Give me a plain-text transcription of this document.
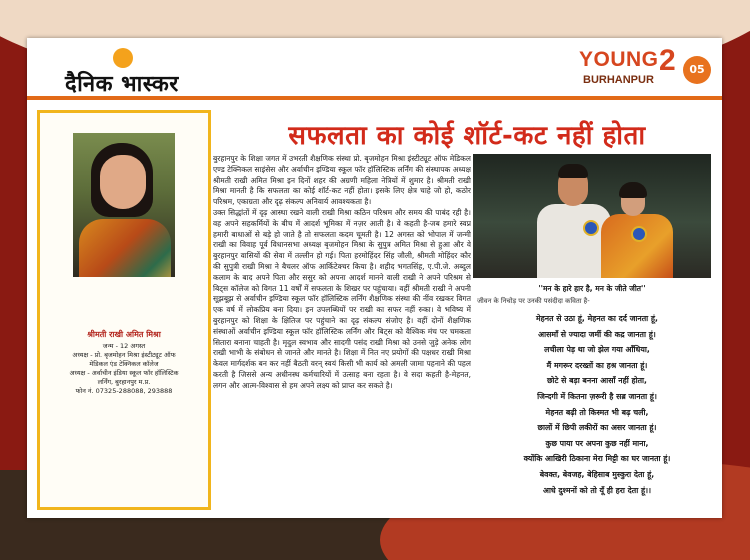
दैनिक भास्कर
YOUNG 2
BURHANPUR
05
सफलता का कोई शॉर्ट-कट नहीं होता
श्रीमती राखी अमित मिश्रा
जन्म - 12 अगस्त
अध्यक्ष - प्रो. बृजमोहन मिश्रा इंस्टीट्यूट ऑफ
मेडिकल एंड टेक्निकल कॉलेज
अध्यक्ष - अर्वाचीन इंडिया स्कूल फॉर हॉलिस्टिक
लर्निंग, बुरहानपुर म.प्र.
फोन नं. 07325-288088, 293888

बुरहानपुर के शिक्षा जगत में उभरती शैक्षणिक संस्था प्रो. बृजमोहन मिश्रा इंस्टीट्यूट ऑफ मेडिकल एण्ड टेक्निकल साइंसेस और अर्वाचीन इण्डिया स्कूल फॉर हॉलिस्टिक लर्निंग की संस्थापक अध्यक्ष श्रीमती राखी अमित मिश्रा इन दिनों शहर की अग्रणी महिला नेत्रियों में शुमार है। श्रीमती राखी मिश्रा मानती है कि सफलता का कोई शॉर्ट-कट नहीं होता। इसके लिए क्षेत्र चाहे जो हो, कठोर परिश्रम, एकाग्रता और दृढ़ संकल्प अनिवार्य आवश्यकता है।

उक्त सिद्धांतों में दृढ़ आस्था रखने वाली राखी मिश्रा कठिन परिश्रम और समय की पाबंद रही है। वह अपने सहकर्मियों के बीच में आदर्श भूमिका में नज़र आती है। वे कहती है-जब हमारे स्वप्न हमारी बाधाओं से बड़े हो जाते है तो सफलता कदम चूमती है। 12 अगस्त को भोपाल में जन्मी राखी का विवाह पूर्व विधानसभा अध्यक्ष बृजमोहन मिश्रा के सुपुत्र अमित मिश्रा से हुआ और वे बुरहानपुर वासियों की सेवा में तल्लीन हो गई। पिता हरमोहिंदर सिंह जौली, श्रीमती मोहिंदर कौर की सुपुत्री राखी मिश्रा ने बैचलर ऑफ आर्किटेक्चर किया है। शहीद भगतसिंह, ए.पी.जे. अब्दुल कलाम के बाद अपने पिता और ससुर को अपना आदर्श मानने वाली राखी ने अपने परिश्रम से बिट्स कॉलेज को विगत 11 वर्षों में सफलता के शिखर पर पहुंचाया। वहीं श्रीमती राखी ने अपनी सूझबूझ से अर्वाचीन इण्डिया स्कूल फॉर हॉलिस्टिक लर्निंग शैक्षणिक संस्था की नींव रखकर विगत एक वर्ष में लोकप्रिय बना दिया। इन उपलब्धियों पर राखी का सफर नहीं रुका। वे भविष्य में बुरहानपुर को शिक्षा के क्षितिज पर पहुंचाने का दृढ़ संकल्प संजोए है। वहीं दोनों शैक्षणिक संस्थाओं अर्वाचीन इण्डिया स्कूल फॉर हॉलिस्टिक लर्निंग और बिट्स को वैश्विक मंच पर चमकता सितारा बनाना चाहती है। मृदुल स्वभाव और सादगी पसंद राखी मिश्रा को उनसे जुड़े अनेक लोग राखी भाभी के संबोधन से जानते और मानते है। शिक्षा में नित नए प्रयोगों की पक्षधर राखी मिश्रा केवल मार्गदर्शक बन कर नहीं बैठती वरन् स्वयं किसी भी कार्य को अमली जामा पहनाने की पहल करती है जिससे अन्य अधीनस्थ कर्मचारियों में उत्साह बना रहता है। वे सदा कहती है-मेहनत, लगन और आत्म-विश्वास से हम अपने लक्ष्य को प्राप्त कर सकते है।

''मन के हारे हार है, मन के जीते जीत''
जीवन के निचोड़ पर उनकी पसंदीदा कविता है-
मेहनत से उठा हूं, मेहनत का दर्द जानता हूं,
आसमाँ से ज्यादा जमीं की कद्र जानता हूं।
लचीला पेड़ था जो झेल गया आँधिया,
मैं मगरूर दरख्तों का हश्र जानता हूं।
छोटे से बड़ा बनना आसाँ नहीं होता,
जिन्दगी में कितना ज़रूरी है सब्र जानता हूं।
मेहनत बढ़ी तो किस्मत भी बढ़ चली,
छालों में छिपी लकीरों का असर जानता हूं।
कुछ पाया पर अपना कुछ नहीं माना,
क्योंकि आखिरी ठिकाना मेरा मिट्टी का घर जानता हूं।
बेवक्त, बेवजह, बेहिसाब मुस्कुरा देता हूं,
आधे दुश्मनों को तो यूँ ही हरा देता हूं।।
